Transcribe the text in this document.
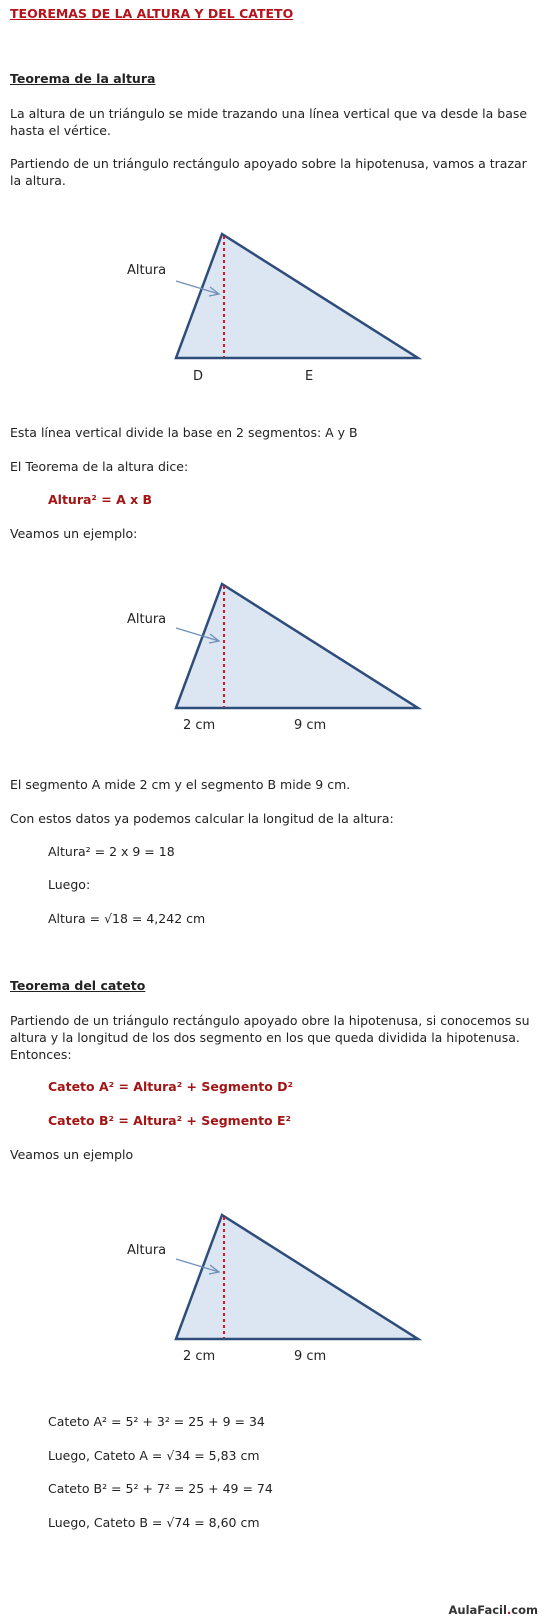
TEOREMAS DE LA ALTURA Y DEL CATETO
Teorema de la altura
La altura de un triángulo se mide trazando una línea vertical que va desde la base hasta el vértice.
Partiendo de un triángulo rectángulo apoyado sobre la hipotenusa, vamos a trazar la altura.
Altura
D	E
Esta línea vertical divide la base en 2 segmentos: A y B
El Teorema de la altura dice:
Altura² = A x B
Veamos un ejemplo:
Altura
2 cm	9 cm
El segmento A mide 2 cm y el segmento B mide 9 cm.
Con estos datos ya podemos calcular la longitud de la altura:
Altura² = 2 x 9 = 18
Luego:
Altura = √18 = 4,242 cm
Teorema del cateto
Partiendo de un triángulo rectángulo apoyado obre la hipotenusa, si conocemos su altura y la longitud de los dos segmento en los que queda dividida la hipotenusa. Entonces:
Cateto A² = Altura² + Segmento D²
Cateto B² = Altura² + Segmento E²
Veamos un ejemplo
Altura
2 cm	9 cm
Cateto A² = 5² + 3² = 25 + 9 = 34
Luego, Cateto A = √34 = 5,83 cm
Cateto B² = 5² + 7² = 25 + 49 = 74
Luego, Cateto B = √74 = 8,60 cm
AulaFacil.com
